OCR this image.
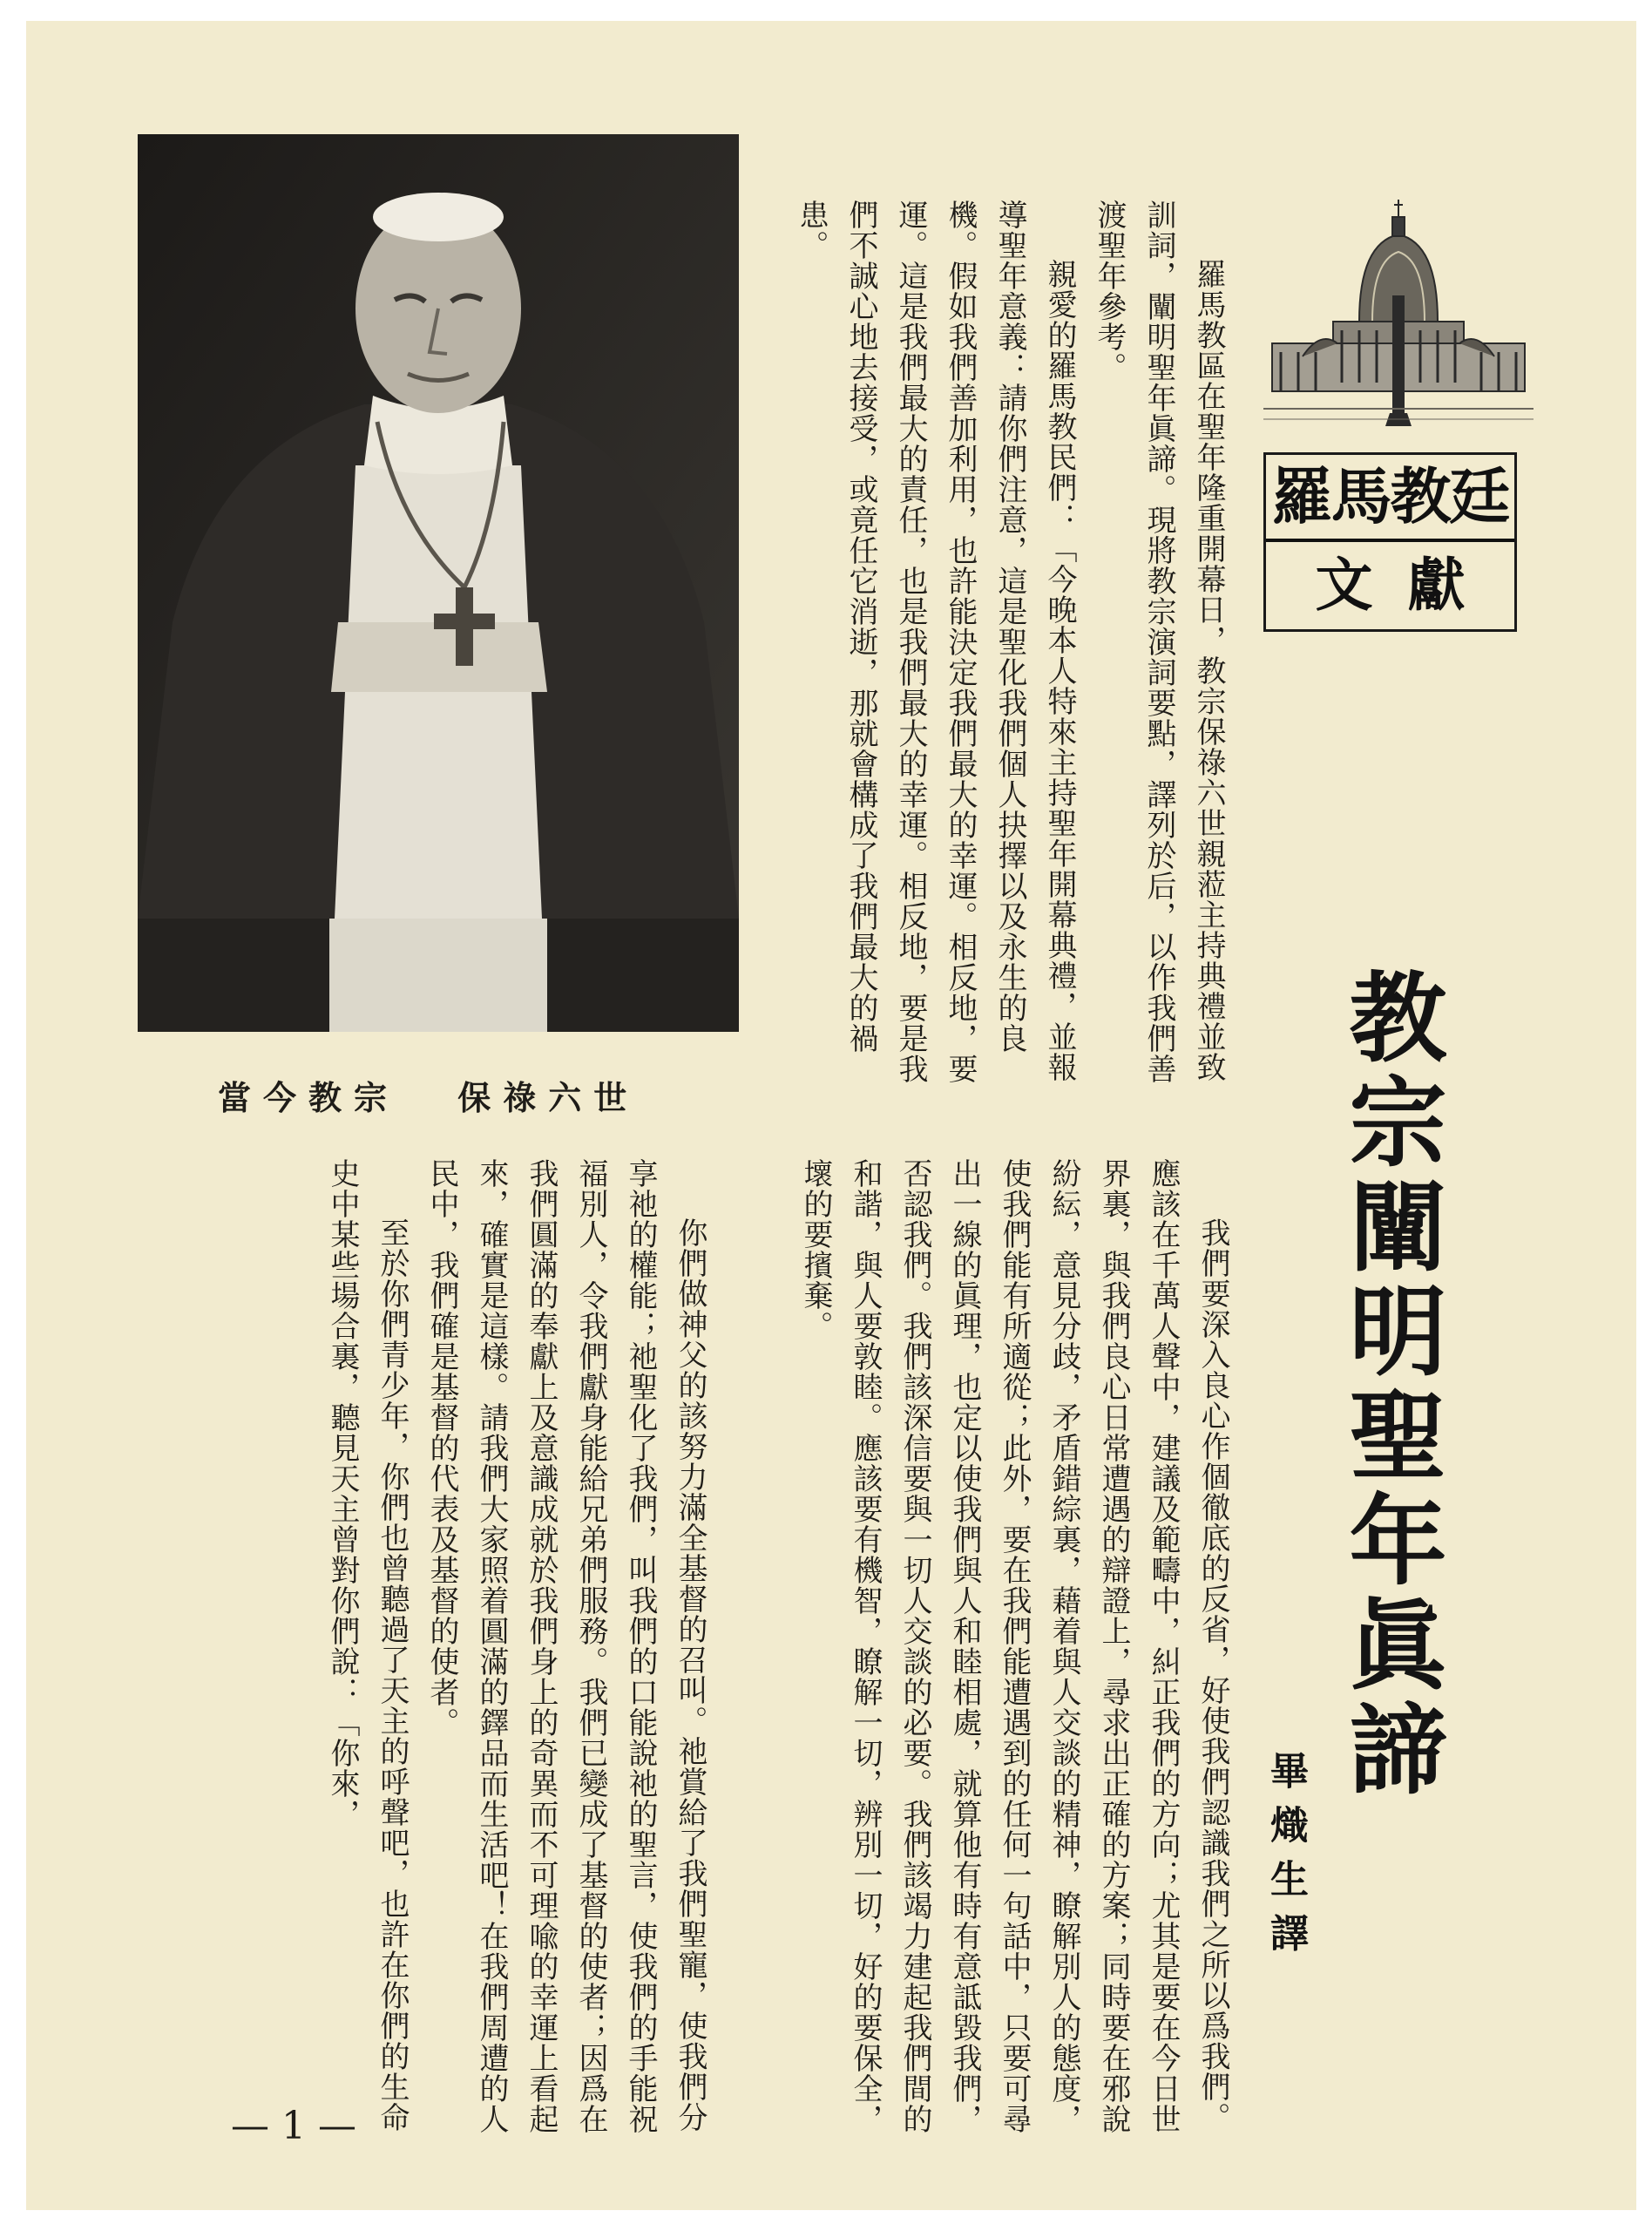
羅馬教廷
文獻
教宗闡明聖年眞諦
畢熾生譯

羅馬教區在聖年隆重開幕日，教宗保祿六世親蒞主持典禮並致訓詞，闡明聖年眞諦。現將教宗演詞要點，譯列於后，以作我們善渡聖年參考。

親愛的羅馬教民們：「今晚本人特來主持聖年開幕典禮，並報導聖年意義：請你們注意，這是聖化我們個人抉擇以及永生的良機。假如我們善加利用，也許能決定我們最大的幸運。相反地，要運。這是我們最大的責任，也是我們最大的幸運。相反地，要是我們不誠心地去接受，或竟任它消逝，那就會構成了我們最大的禍患。

當今教宗 保祿六世

我們要深入良心作個徹底的反省，好使我們認識我們之所以爲我們。應該在千萬人聲中，建議及範疇中，糾正我們的方向；尤其是要在今日世界裏，與我們良心日常遭遇的辯證上，尋求出正確的方案；同時要在邪說紛紜，意見分歧，矛盾錯綜裏，藉着與人交談的精神，瞭解別人的態度，使我們能有所適從；此外，要在我們能遭遇到的任何一句話中，只要可尋出一線的眞理，也定以使我們與人和睦相處，就算他有時有意詆毀我們，否認我們。我們該深信要與一切人交談的必要。我們該竭力建起我們間的和諧，與人要敦睦。應該要有機智，瞭解一切，辨別一切，好的要保全，壞的要擯棄。

你們做神父的該努力滿全基督的召叫。祂賞給了我們聖寵，使我們分享祂的權能；祂聖化了我們，叫我們的口能說祂的聖言，使我們的手能祝福別人，令我們獻身能給兄弟們服務。我們已變成了基督的使者；因爲在我們圓滿的奉獻上及意識成就於我們身上的奇異而不可理喩的幸運上看起來，確實是這樣。請我們大家照着圓滿的鐸品而生活吧！在我們周遭的人民中，我們確是基督的代表及基督的使者。

至於你們青少年，你們也曾聽過了天主的呼聲吧，也許在你們的生命史中某些場合裏，聽見天主曾對你們說：「你來，

— 1 —
